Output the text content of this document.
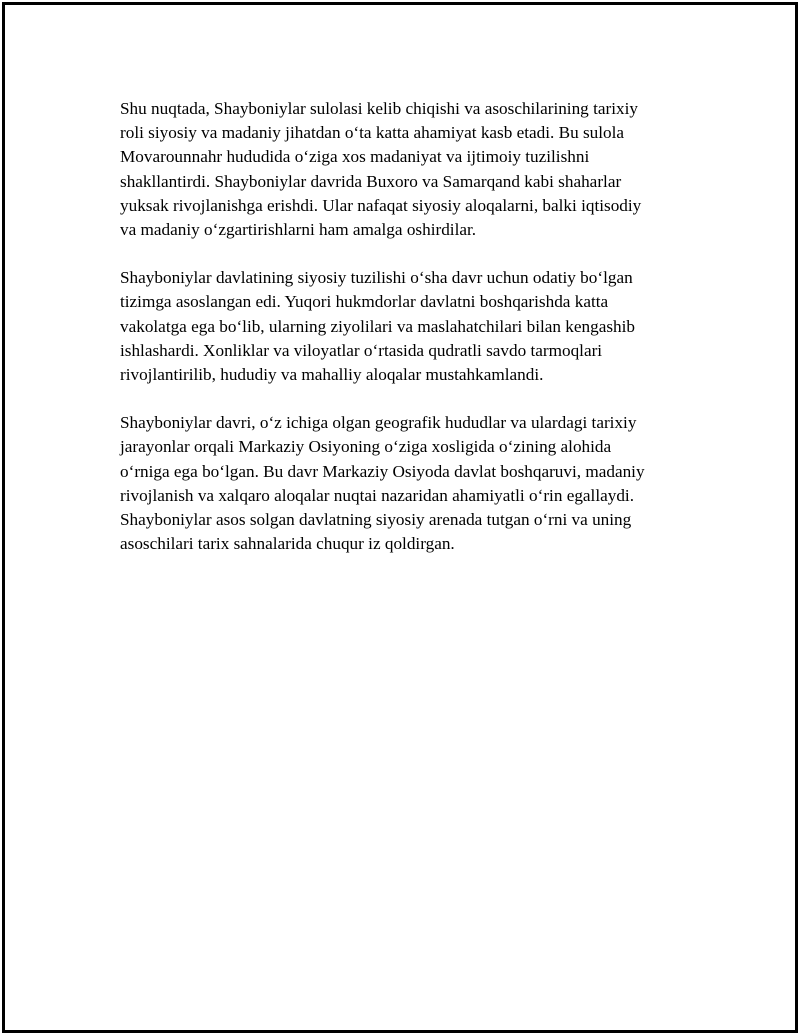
Shu nuqtada, Shayboniylar sulolasi kelib chiqishi va asoschilarining tarixiy
roli siyosiy va madaniy jihatdan o‘ta katta ahamiyat kasb etadi. Bu sulola
Movarounnahr hududida o‘ziga xos madaniyat va ijtimoiy tuzilishni
shakllantirdi. Shayboniylar davrida Buxoro va Samarqand kabi shaharlar
yuksak rivojlanishga erishdi. Ular nafaqat siyosiy aloqalarni, balki iqtisodiy
va madaniy o‘zgartirishlarni ham amalga oshirdilar.

Shayboniylar davlatining siyosiy tuzilishi o‘sha davr uchun odatiy bo‘lgan
tizimga asoslangan edi. Yuqori hukmdorlar davlatni boshqarishda katta
vakolatga ega bo‘lib, ularning ziyolilari va maslahatchilari bilan kengashib
ishlashardi. Xonliklar va viloyatlar o‘rtasida qudratli savdo tarmoqlari
rivojlantirilib, hududiy va mahalliy aloqalar mustahkamlandi.

Shayboniylar davri, o‘z ichiga olgan geografik hududlar va ulardagi tarixiy
jarayonlar orqali Markaziy Osiyoning o‘ziga xosligida o‘zining alohida
o‘rniga ega bo‘lgan. Bu davr Markaziy Osiyoda davlat boshqaruvi, madaniy
rivojlanish va xalqaro aloqalar nuqtai nazaridan ahamiyatli o‘rin egallaydi.
Shayboniylar asos solgan davlatning siyosiy arenada tutgan o‘rni va uning
asoschilari tarix sahnalarida chuqur iz qoldirgan.
